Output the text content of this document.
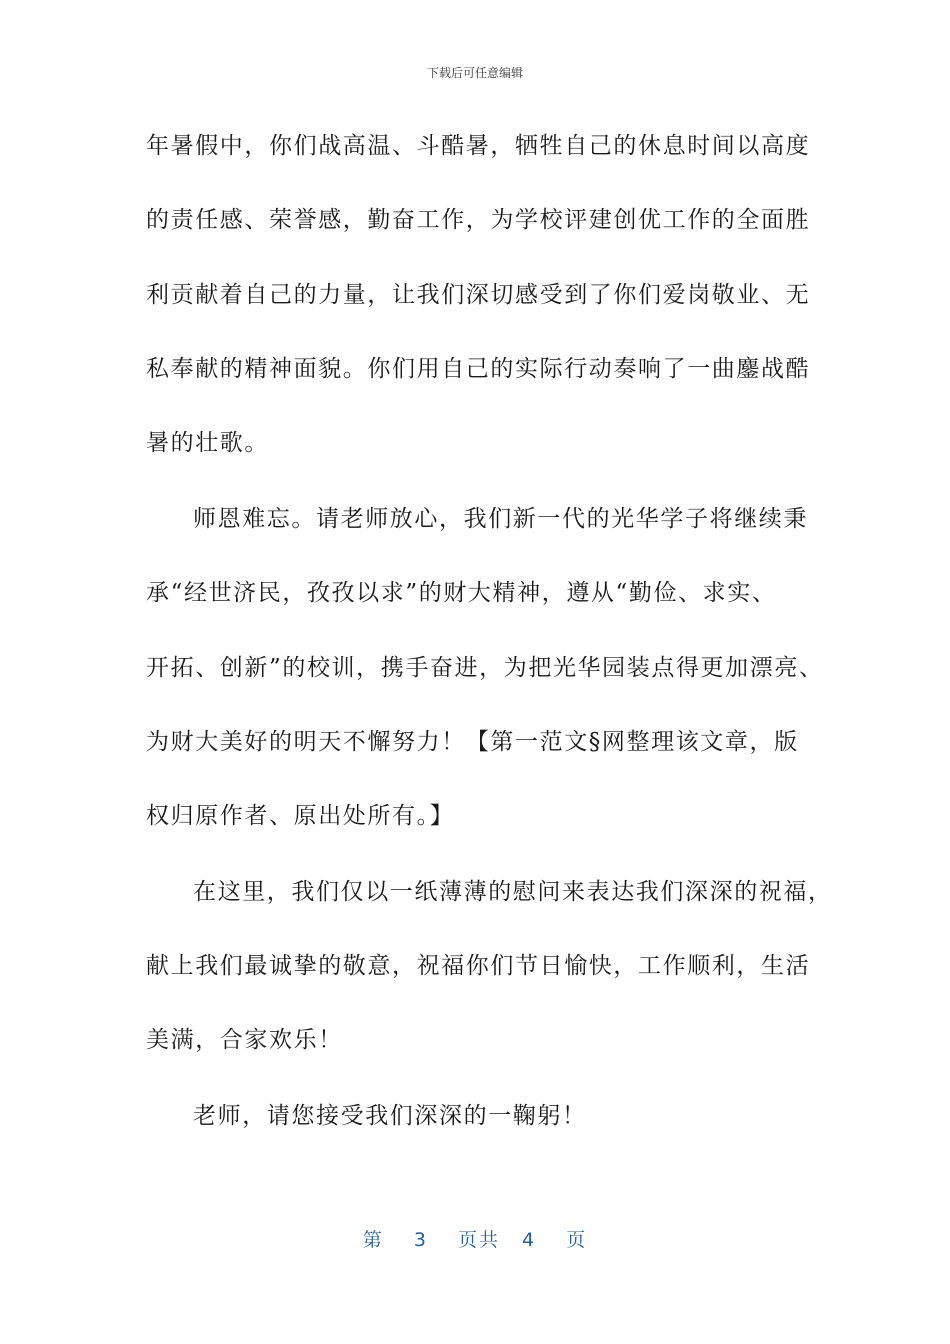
下载后可任意编辑
年暑假中，你们战高温、斗酷暑，牺牲自己的休息时间以高度
的责任感、荣誉感，勤奋工作，为学校评建创优工作的全面胜
利贡献着自己的力量，让我们深切感受到了你们爱岗敬业、无
私奉献的精神面貌。你们用自己的实际行动奏响了一曲鏖战酷
暑的壮歌。
师恩难忘。请老师放心，我们新一代的光华学子将继续秉
承“经世济民，孜孜以求”的财大精神，遵从“勤俭、求实、
开拓、创新”的校训，携手奋进，为把光华园装点得更加漂亮、
为财大美好的明天不懈努力！【第一范文§网整理该文章，版
权归原作者、原出处所有。】
在这里，我们仅以一纸薄薄的慰问来表达我们深深的祝福，
献上我们最诚挚的敬意，祝福你们节日愉快，工作顺利，生活
美满，合家欢乐！
老师，请您接受我们深深的一鞠躬！
第 3 页共 4 页
